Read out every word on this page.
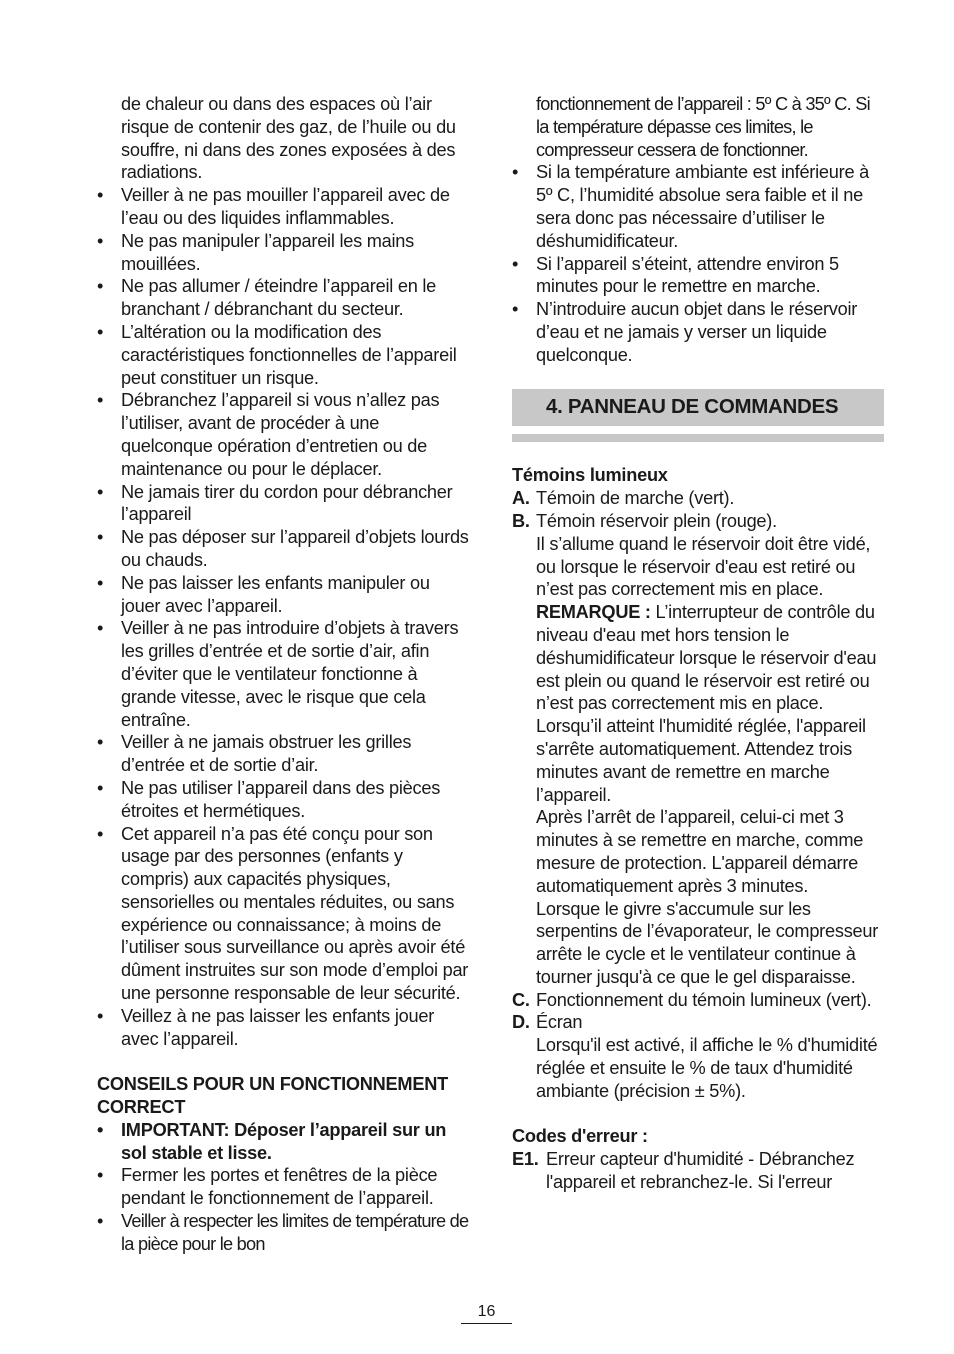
de chaleur ou dans des espaces où l’air risque de contenir des gaz, de l’huile ou du souffre, ni dans des zones exposées à des radiations.
• Veiller à ne pas mouiller l’appareil avec de l’eau ou des liquides inflammables.
• Ne pas manipuler l’appareil les mains mouillées.
• Ne pas allumer / éteindre l’appareil en le branchant / débranchant du secteur.
• L’altération ou la modification des caractéristiques fonctionnelles de l’appareil peut constituer un risque.
• Débranchez l’appareil si vous n’allez pas l’utiliser, avant de procéder à une quelconque opération d’entretien ou de maintenance ou pour le déplacer.
• Ne jamais tirer du cordon pour débrancher l’appareil
• Ne pas déposer sur l’appareil d’objets lourds ou chauds.
• Ne pas laisser les enfants manipuler ou jouer avec l’appareil.
• Veiller à ne pas introduire d’objets à travers les grilles d’entrée et de sortie d’air, afin d’éviter que le ventilateur fonctionne à grande vitesse, avec le risque que cela entraîne.
• Veiller à ne jamais obstruer les grilles d’entrée et de sortie d’air.
• Ne pas utiliser l’appareil dans des pièces étroites et hermétiques.
• Cet appareil n’a pas été conçu pour son usage par des personnes (enfants y compris) aux capacités physiques, sensorielles ou mentales réduites, ou sans expérience ou connaissance; à moins de l’utiliser sous surveillance ou après avoir été dûment instruites sur son mode d’emploi par une personne responsable de leur sécurité.
• Veillez à ne pas laisser les enfants jouer avec l’appareil.
CONSEILS POUR UN FONCTIONNEMENT CORRECT
• IMPORTANT: Déposer l’appareil sur un sol stable et lisse.
• Fermer les portes et fenêtres de la pièce pendant le fonctionnement de l’appareil.
• Veiller à respecter les limites de température de la pièce pour le bon
fonctionnement de l’appareil : 5º C à 35º C. Si la température dépasse ces limites, le compresseur cessera de fonctionner.
• Si la température ambiante est inférieure à 5º C, l’humidité absolue sera faible et il ne sera donc pas nécessaire d’utiliser le déshumidificateur.
• Si l’appareil s’éteint, attendre environ 5 minutes pour le remettre en marche.
• N’introduire aucun objet dans le réservoir d’eau et ne jamais y verser un liquide quelconque.
4. PANNEAU DE COMMANDES
Témoins lumineux
A. Témoin de marche (vert).
B. Témoin réservoir plein (rouge).
Il s’allume quand le réservoir doit être vidé, ou lorsque le réservoir d'eau est retiré ou n’est pas correctement mis en place.
REMARQUE : L’interrupteur de contrôle du niveau d'eau met hors tension le déshumidificateur lorsque le réservoir d'eau est plein ou quand le réservoir est retiré ou n’est pas correctement mis en place.
Lorsqu’il atteint l'humidité réglée, l'appareil s'arrête automatiquement. Attendez trois minutes avant de remettre en marche l’appareil.
Après l’arrêt de l’appareil, celui-ci met 3 minutes à se remettre en marche, comme mesure de protection. L'appareil démarre automatiquement après 3 minutes.
Lorsque le givre s'accumule sur les serpentins de l’évaporateur, le compresseur arrête le cycle et le ventilateur continue à tourner jusqu'à ce que le gel disparaisse.
C. Fonctionnement du témoin lumineux (vert).
D. Écran
Lorsqu'il est activé, il affiche le % d'humidité réglée et ensuite le % de taux d'humidité ambiante (précision ± 5%).
Codes d'erreur :
E1. Erreur capteur d'humidité - Débranchez l'appareil et rebranchez-le. Si l'erreur
16
